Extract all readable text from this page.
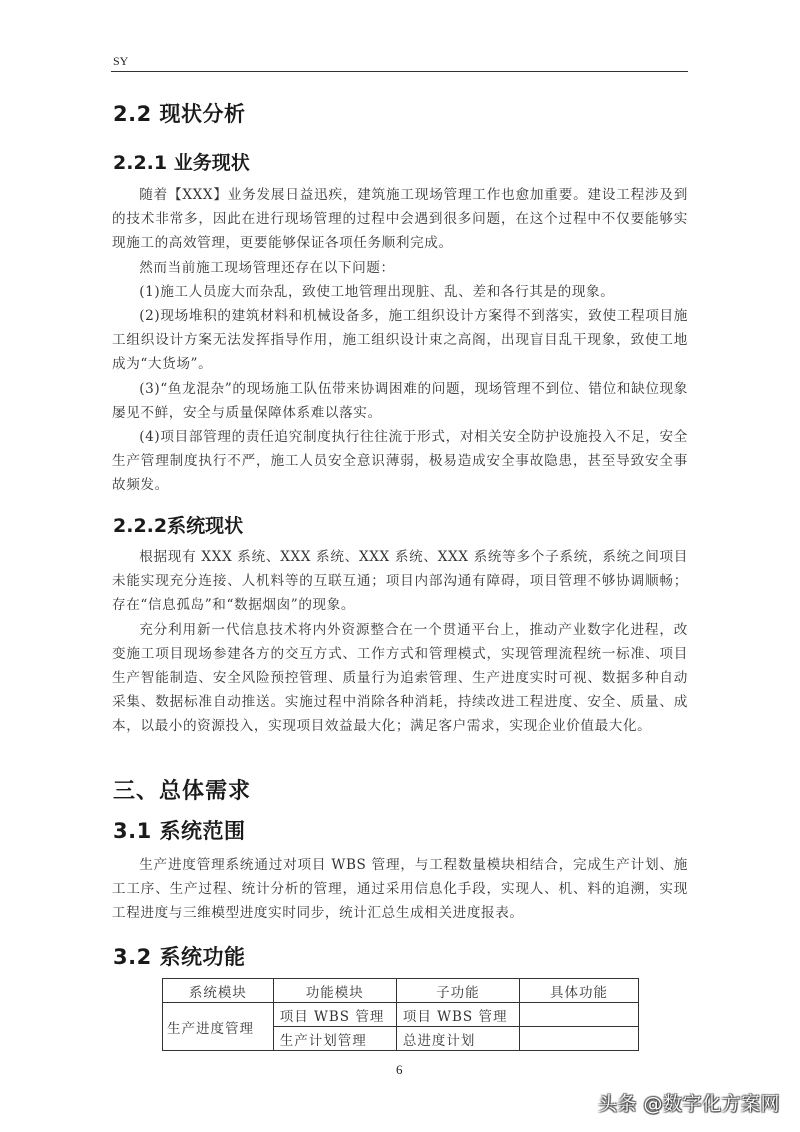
SY
2.2 现状分析
2.2.1 业务现状

随着【XXX】业务发展日益迅疾，建筑施工现场管理工作也愈加重要。建设工程涉及到的技术非常多，因此在进行现场管理的过程中会遇到很多问题，在这个过程中不仅要能够实现施工的高效管理，更要能够保证各项任务顺利完成。

然而当前施工现场管理还存在以下问题：

(1)施工人员庞大而杂乱，致使工地管理出现脏、乱、差和各行其是的现象。

(2)现场堆积的建筑材料和机械设备多，施工组织设计方案得不到落实，致使工程项目施工组织设计方案无法发挥指导作用，施工组织设计束之高阁，出现盲目乱干现象，致使工地成为“大货场”。

(3)“鱼龙混杂”的现场施工队伍带来协调困难的问题，现场管理不到位、错位和缺位现象屡见不鲜，安全与质量保障体系难以落实。

(4)项目部管理的责任追究制度执行往往流于形式，对相关安全防护设施投入不足，安全生产管理制度执行不严，施工人员安全意识薄弱，极易造成安全事故隐患，甚至导致安全事故频发。

2.2.2系统现状

根据现有 XXX 系统、XXX 系统、XXX 系统、XXX 系统等多个子系统，系统之间项目未能实现充分连接、人机料等的互联互通；项目内部沟通有障碍，项目管理不够协调顺畅；存在“信息孤岛”和“数据烟囱”的现象。

充分利用新一代信息技术将内外资源整合在一个贯通平台上，推动产业数字化进程，改变施工项目现场参建各方的交互方式、工作方式和管理模式，实现管理流程统一标准、项目生产智能制造、安全风险预控管理、质量行为追索管理、生产进度实时可视、数据多种自动采集、数据标准自动推送。实施过程中消除各种消耗，持续改进工程进度、安全、质量、成本，以最小的资源投入，实现项目效益最大化；满足客户需求，实现企业价值最大化。

三、总体需求
3.1 系统范围

生产进度管理系统通过对项目 WBS 管理，与工程数量模块相结合，完成生产计划、施工工序、生产过程、统计分析的管理，通过采用信息化手段，实现人、机、料的追溯，实现工程进度与三维模型进度实时同步，统计汇总生成相关进度报表。

3.2 系统功能
系统模块	功能模块	子功能	具体功能
生产进度管理	项目 WBS 管理	项目 WBS 管理	
	生产计划管理	总进度计划	
6
头条 @数字化方案网
